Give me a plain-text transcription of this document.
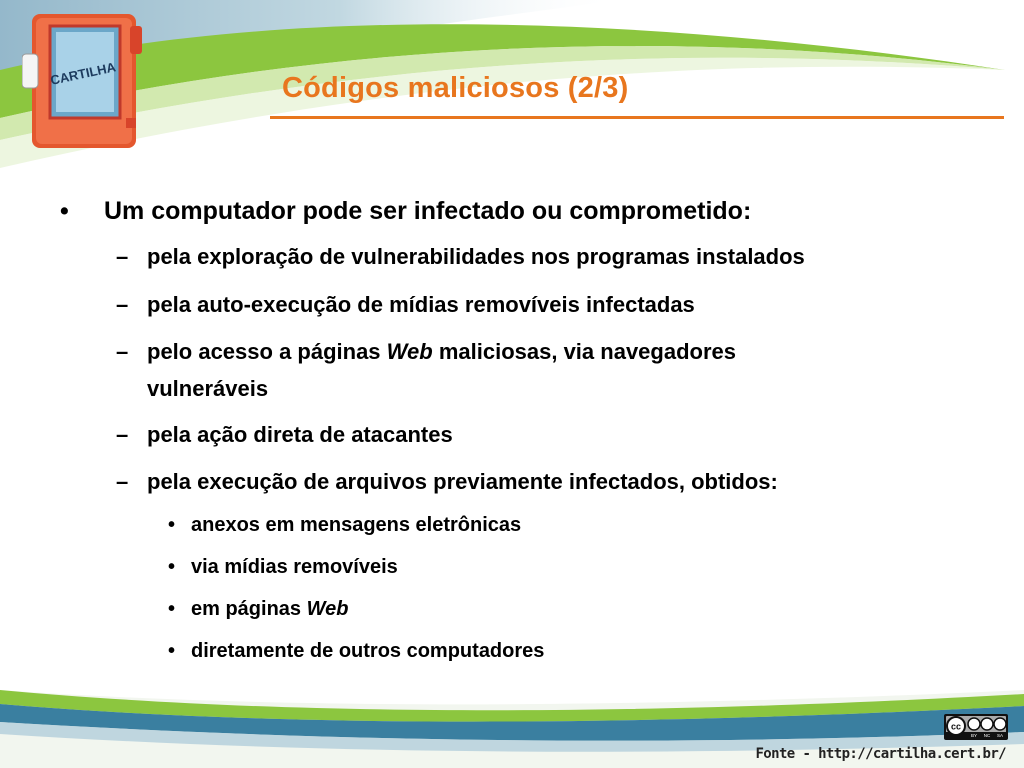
CARTILHA	Códigos maliciosos (2/3)
• Um computador pode ser infectado ou comprometido:
– pela exploração de vulnerabilidades nos programas instalados
– pela auto-execução de mídias removíveis infectadas
– pelo acesso a páginas Web maliciosas, via navegadores
vulneráveis
– pela ação direta de atacantes
– pela execução de arquivos previamente infectados, obtidos:
• anexos em mensagens eletrônicas
• via mídias removíveis
• em páginas Web
• diretamente de outros computadores
cc
BY NC SA
Fonte - http://cartilha.cert.br/
